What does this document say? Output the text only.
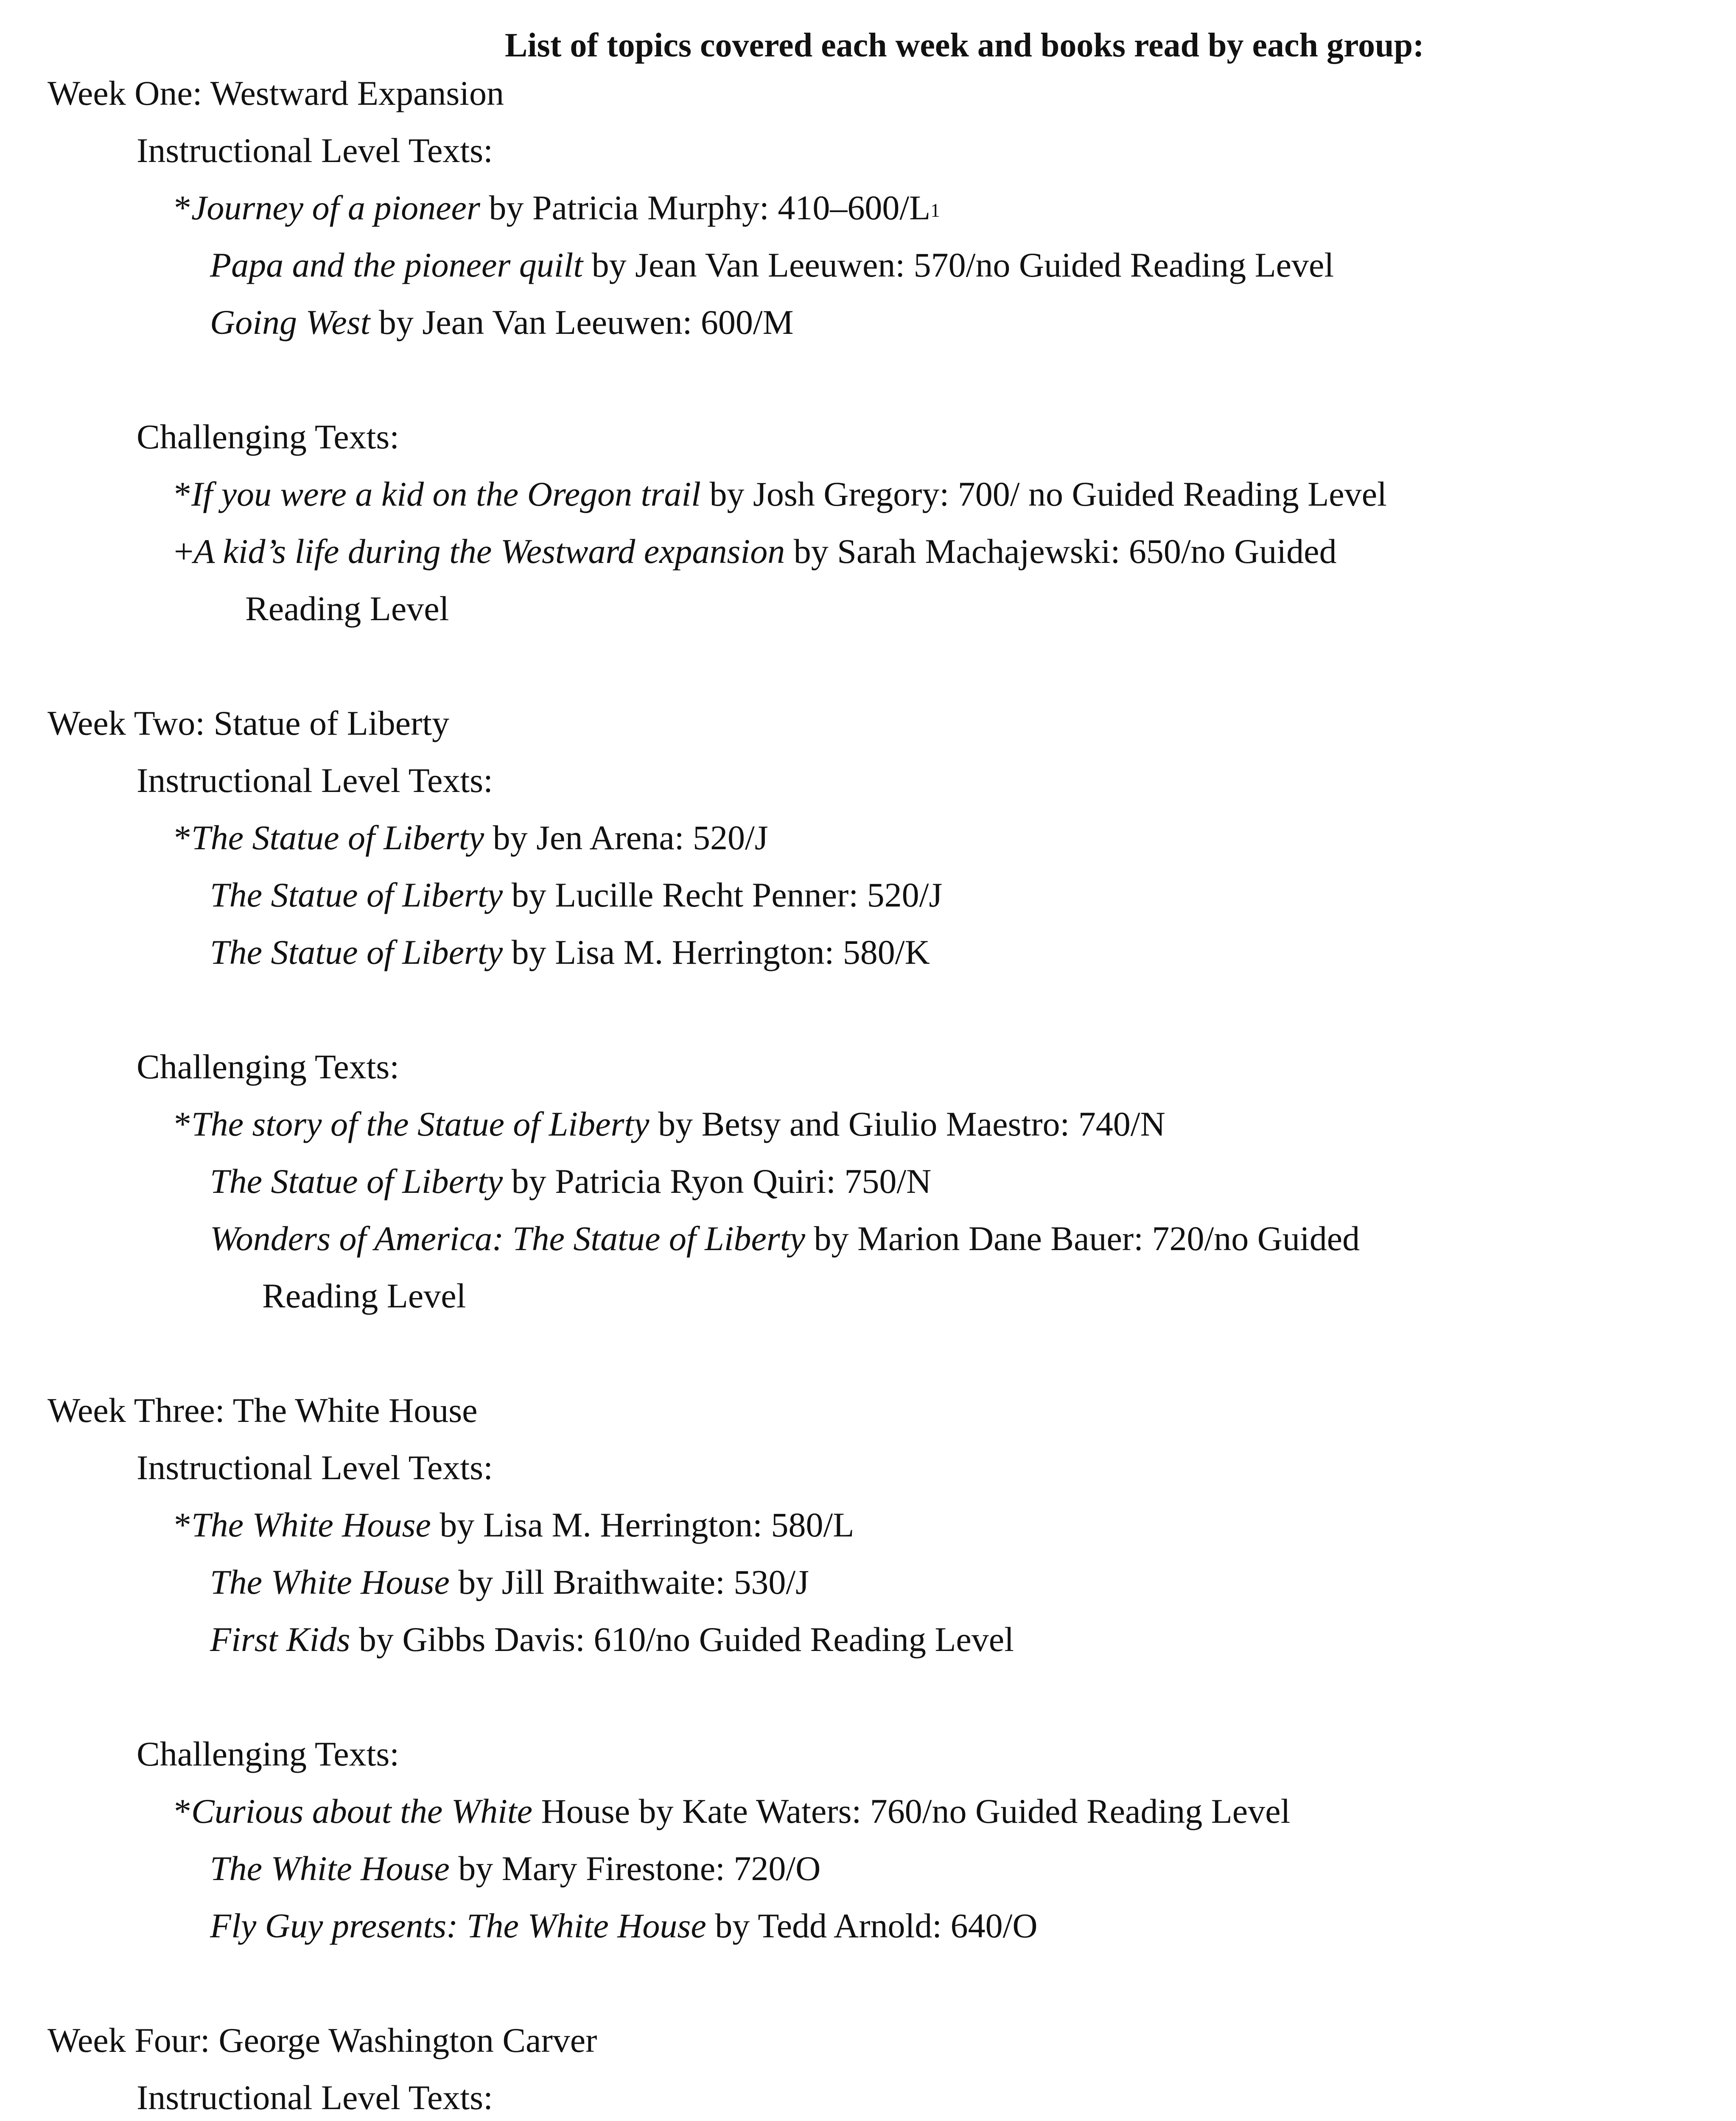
List of topics covered each week and books read by each group:
Week One: Westward Expansion
Instructional Level Texts:
*Journey of a pioneer by Patricia Murphy: $410-600/L^1$
Papa and the pioneer quilt by Jean Van Leeuwen: 570/no Guided Reading Level
Going West by Jean Van Leeuwen: 600/M
Challenging Texts:
*If you were a kid on the Oregon trail by Josh Gregory: 700/ no Guided Reading Level
+A kid’s life during the Westward expansion by Sarah Machajewski: 650/no Guided
Reading Level
Week Two: Statue of Liberty
Instructional Level Texts:
*The Statue of Liberty by Jen Arena: 520/J
The Statue of Liberty by Lucille Recht Penner: 520/J
The Statue of Liberty by Lisa M. Herrington: 580/K
Challenging Texts:
*The story of the Statue of Liberty by Betsy and Giulio Maestro: 740/N
The Statue of Liberty by Patricia Ryon Quiri: 750/N
Wonders of America: The Statue of Liberty by Marion Dane Bauer: 720/no Guided
Reading Level
Week Three: The White House
Instructional Level Texts:
*The White House by Lisa M. Herrington: 580/L
The White House by Jill Braithwaite: 530/J
First Kids by Gibbs Davis: 610/no Guided Reading Level
Challenging Texts:
*Curious about the White House by Kate Waters: 760/no Guided Reading Level
The White House by Mary Firestone: 720/O
Fly Guy presents: The White House by Tedd Arnold: 640/O
Week Four: George Washington Carver
Instructional Level Texts:
